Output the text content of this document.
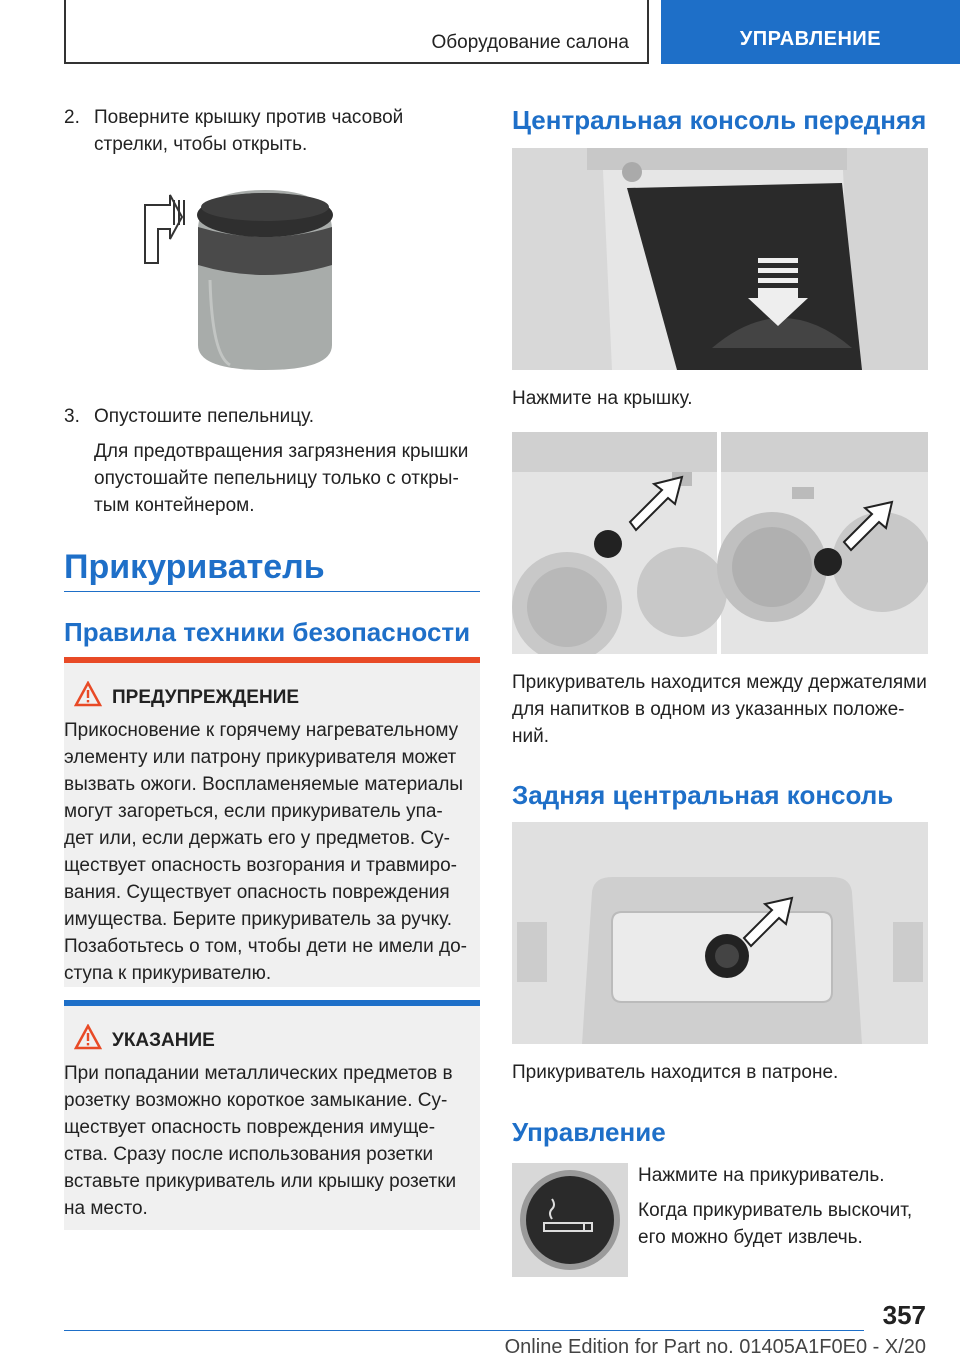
Оборудование салона	УПРАВЛЕНИЕ

2. Поверните крышку против часовой

стрелки, чтобы открыть.

3. Опустошите пепельницу.

Для предотвращения загрязнения крышки

опустошайте пепельницу только с откры-

тым контейнером.

Прикуриватель
Правила техники безопасности
ПРЕДУПРЕЖДЕНИЕ

Прикосновение к горячему нагревательному

элементу или патрону прикуривателя может

вызвать ожоги. Воспламеняемые материалы

могут загореться, если прикуриватель упа-

дет или, если держать его у предметов. Су-

ществует опасность возгорания и травмиро-

вания. Существует опасность повреждения

имущества. Берите прикуриватель за ручку.

Позаботьтесь о том, чтобы дети не имели до-

ступа к прикуривателю.

УКАЗАНИЕ

При попадании металлических предметов в

розетку возможно короткое замыкание. Су-

ществует опасность повреждения имуще-

ства. Сразу после использования розетки

вставьте прикуриватель или крышку розетки

на место.

Центральная консоль передняя

Нажмите на крышку.

Прикуриватель находится между держателями

для напитков в одном из указанных положе-

ний.

Задняя центральная консоль

Прикуриватель находится в патроне.

Управление

Нажмите на прикуриватель.

Когда прикуриватель выскочит,

его можно будет извлечь.

357
Online Edition for Part no. 01405A1F0E0 - X/20
